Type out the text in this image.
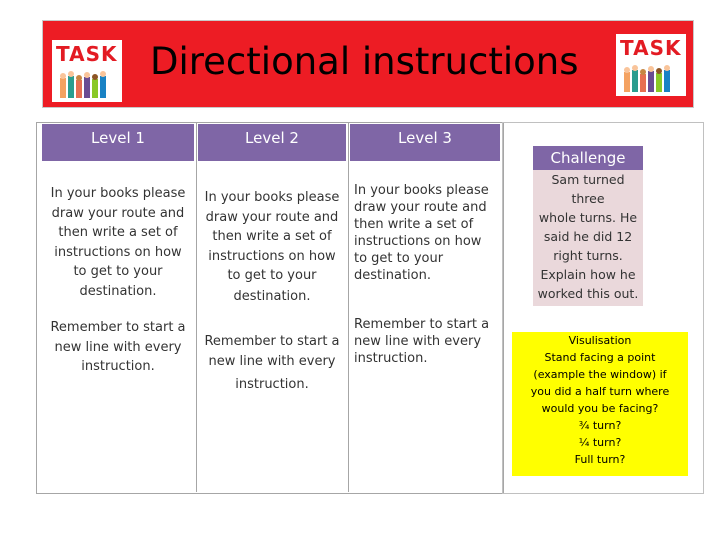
TASK Directional instructions TASK
Level 1	Level 2	Level 3
In your books please
draw your route and
then write a set of
instructions on how
to get to your
destination.
Remember to start a
new line with every
instruction.
In your books please
draw your route and
then write a set of
instructions on how
to get to your
destination.
Remember to start a
new line with every
instruction.
In your books please
draw your route and
then write a set of
instructions on how
to get to your
destination.
Remember to start a
new line with every
instruction.
Challenge
Sam turned three
whole turns. He
said he did 12
right turns.
Explain how he
worked this out.
Visulisation
Stand facing a point
(example the window) if
you did a half turn where
would you be facing?
¾ turn?
¼ turn?
Full turn?
